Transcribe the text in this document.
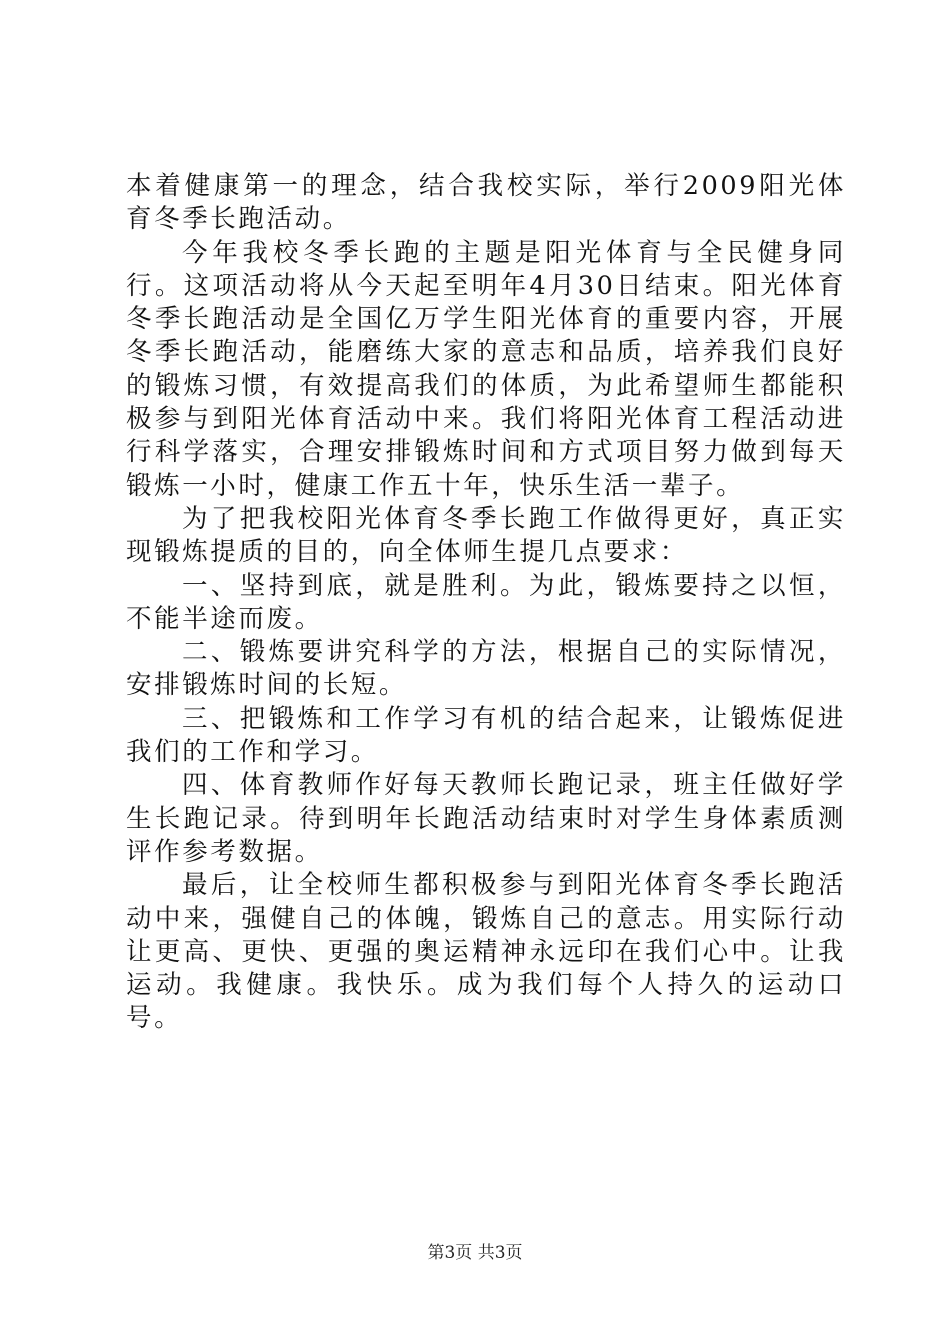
本着健康第一的理念，结合我校实际，举行2009阳光体育冬季长跑活动。

今年我校冬季长跑的主题是阳光体育与全民健身同行。这项活动将从今天起至明年4月30日结束。阳光体育冬季长跑活动是全国亿万学生阳光体育的重要内容，开展冬季长跑活动，能磨练大家的意志和品质，培养我们良好的锻炼习惯，有效提高我们的体质，为此希望师生都能积极参与到阳光体育活动中来。我们将阳光体育工程活动进行科学落实，合理安排锻炼时间和方式项目努力做到每天锻炼一小时，健康工作五十年，快乐生活一辈子。

为了把我校阳光体育冬季长跑工作做得更好，真正实现锻炼提质的目的，向全体师生提几点要求：

一、坚持到底，就是胜利。为此，锻炼要持之以恒，不能半途而废。

二、锻炼要讲究科学的方法，根据自己的实际情况，安排锻炼时间的长短。

三、把锻炼和工作学习有机的结合起来，让锻炼促进我们的工作和学习。

四、体育教师作好每天教师长跑记录，班主任做好学生长跑记录。待到明年长跑活动结束时对学生身体素质测评作参考数据。

最后，让全校师生都积极参与到阳光体育冬季长跑活动中来，强健自己的体魄，锻炼自己的意志。用实际行动让更高、更快、更强的奥运精神永远印在我们心中。让我运动。我健康。我快乐。成为我们每个人持久的运动口号。

第3页 共3页
